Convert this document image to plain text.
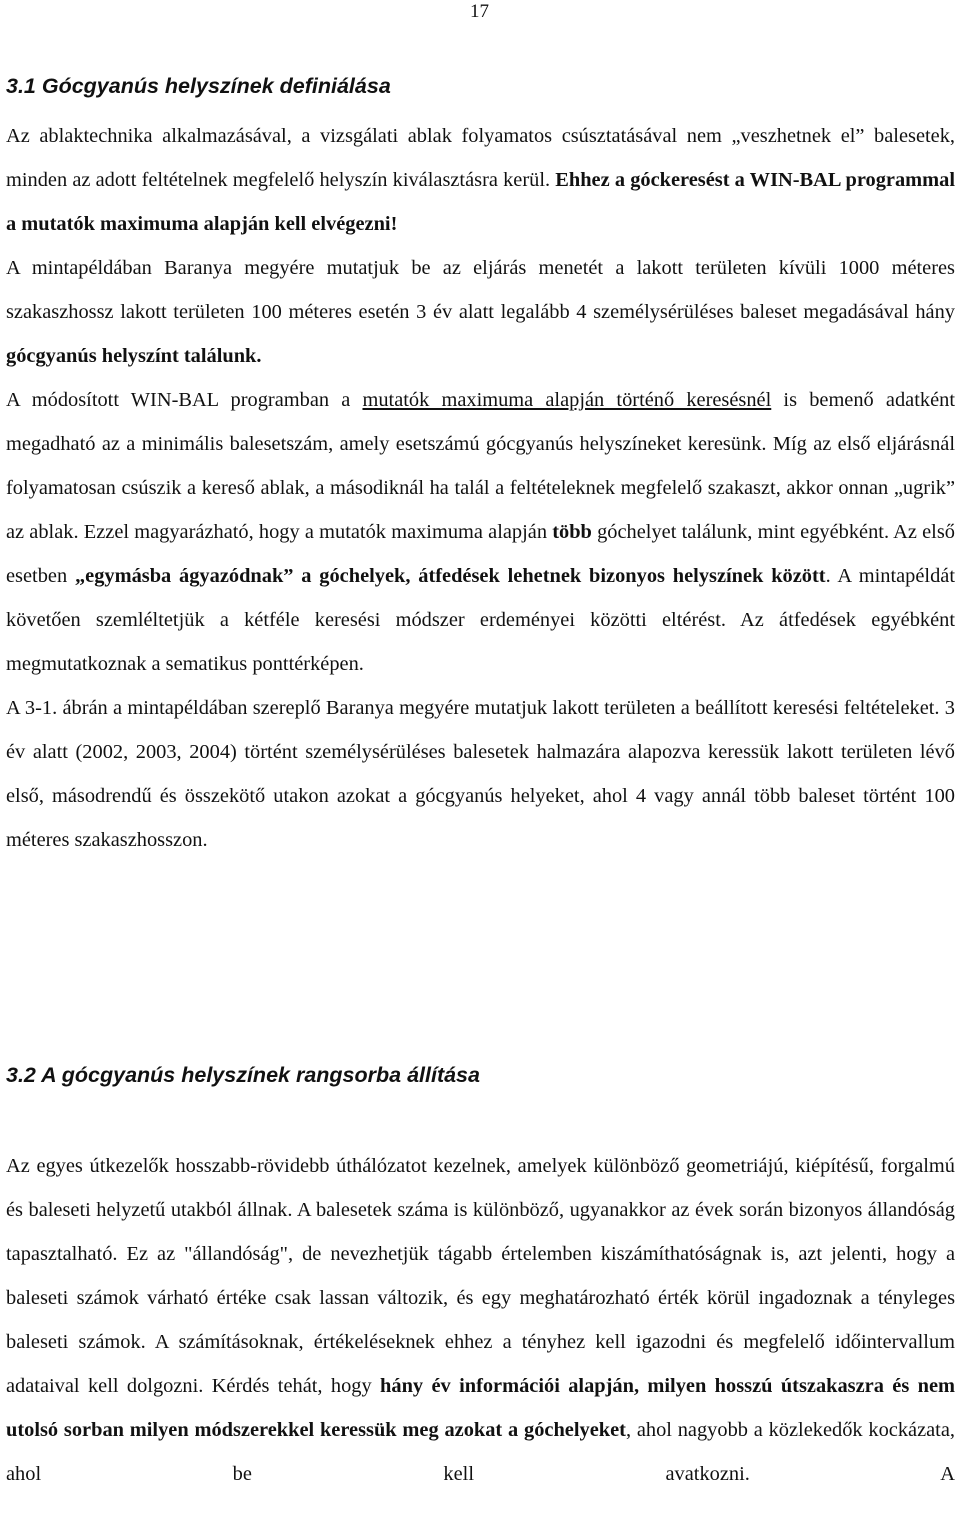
17
3.1 Gócgyanús helyszínek definiálása
Az ablaktechnika alkalmazásával, a vizsgálati ablak folyamatos csúsztatásával nem „veszhetnek el” balesetek, minden az adott feltételnek megfelelő helyszín kiválasztásra kerül. Ehhez a góckeresést a WIN-BAL programmal a mutatók maximuma alapján kell elvégezni!
A mintapéldában Baranya megyére mutatjuk be az eljárás menetét a lakott területen kívüli 1000 méteres szakaszhossz lakott területen 100 méteres esetén 3 év alatt legalább 4 személysérüléses baleset megadásával hány gócgyanús helyszínt találunk.
A módosított WIN-BAL programban a mutatók maximuma alapján történő keresésnél is bemenő adatként megadható az a minimális balesetszám, amely esetszámú gócgyanús helyszíneket keresünk. Míg az első eljárásnál folyamatosan csúszik a kereső ablak, a másodiknál ha talál a feltételeknek megfelelő szakaszt, akkor onnan „ugrik” az ablak. Ezzel magyarázható, hogy a mutatók maximuma alapján több góchelyet találunk, mint egyébként. Az első esetben „egymásba ágyazódnak” a góchelyek, átfedések lehetnek bizonyos helyszínek között. A mintapéldát követően szemléltetjük a kétféle keresési módszer erdeményei közötti eltérést. Az átfedések egyébként megmutatkoznak a sematikus ponttérképen.
A 3-1. ábrán a mintapéldában szereplő Baranya megyére mutatjuk lakott területen a beállított keresési feltételeket. 3 év alatt (2002, 2003, 2004) történt személysérüléses balesetek halmazára alapozva keressük lakott területen lévő első, másodrendű és összekötő utakon azokat a gócgyanús helyeket, ahol 4 vagy annál több baleset történt 100 méteres szakaszhosszon.
3.2 A gócgyanús helyszínek rangsorba állítása
Az egyes útkezelők hosszabb-rövidebb úthálózatot kezelnek, amelyek különböző geometriájú, kiépítésű, forgalmú és baleseti helyzetű utakból állnak. A balesetek száma is különböző, ugyanakkor az évek során bizonyos állandóság tapasztalható. Ez az "állandóság", de nevezhetjük tágabb értelemben kiszámíthatóságnak is, azt jelenti, hogy a baleseti számok várható értéke csak lassan változik, és egy meghatározható érték körül ingadoznak a tényleges baleseti számok. A számításoknak, értékeléseknek ehhez a tényhez kell igazodni és megfelelő időintervallum adataival kell dolgozni. Kérdés tehát, hogy hány év információi alapján, milyen hosszú útszakaszra és nem utolsó sorban milyen módszerekkel keressük meg azokat a góchelyeket, ahol nagyobb a közlekedők kockázata, ahol be kell avatkozni. A
